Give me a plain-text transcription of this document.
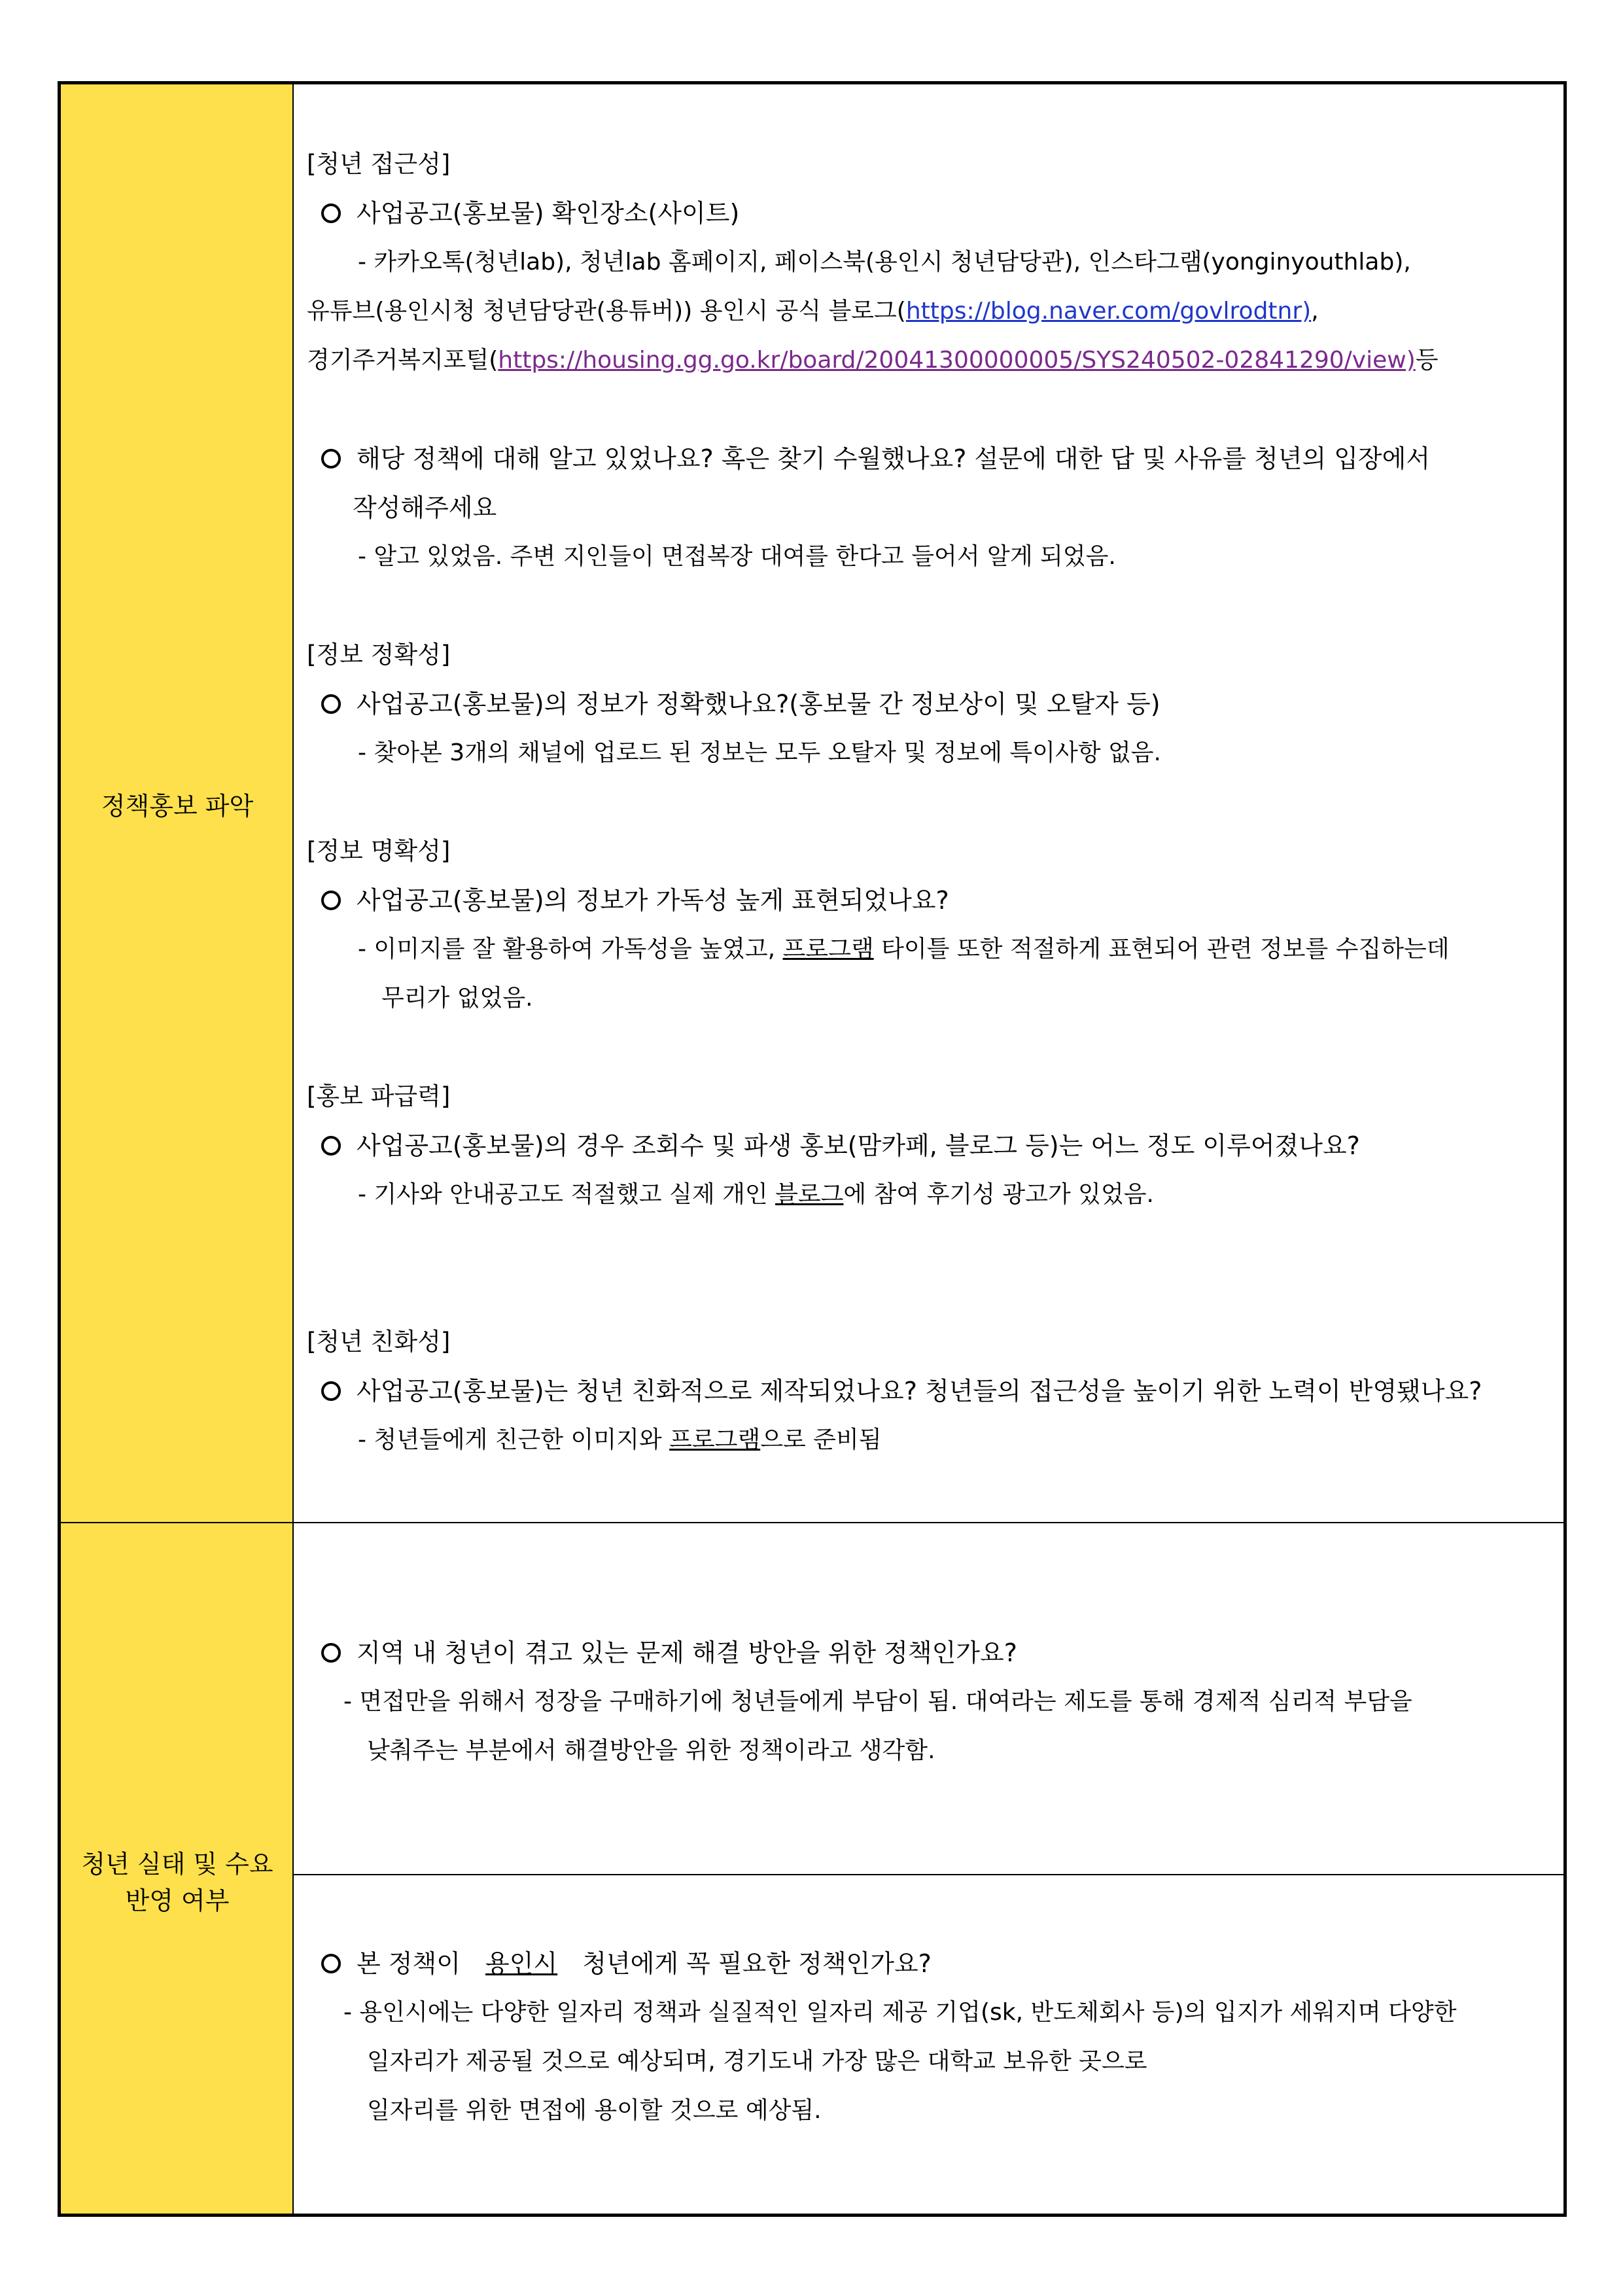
정책홍보 파악
청년 실태 및 수요
반영 여부
[청년 접근성]
사업공고(홍보물) 확인장소(사이트)
- 카카오톡(청년lab), 청년lab 홈페이지, 페이스북(용인시 청년담당관), 인스타그램(yonginyouthlab),
유튜브(용인시청 청년담당관(용튜버)) 용인시 공식 블로그(https://blog.naver.com/govlrodtnr),
경기주거복지포털(https://housing.gg.go.kr/board/20041300000005/SYS240502-02841290/view)등
해당 정책에 대해 알고 있었나요? 혹은 찾기 수월했나요? 설문에 대한 답 및 사유를 청년의 입장에서
작성해주세요
- 알고 있었음. 주변 지인들이 면접복장 대여를 한다고 들어서 알게 되었음.
[정보 정확성]
사업공고(홍보물)의 정보가 정확했나요?(홍보물 간 정보상이 및 오탈자 등)
- 찾아본 3개의 채널에 업로드 된 정보는 모두 오탈자 및 정보에 특이사항 없음.
[정보 명확성]
사업공고(홍보물)의 정보가 가독성 높게 표현되었나요?
- 이미지를 잘 활용하여 가독성을 높였고, 프로그램 타이틀 또한 적절하게 표현되어 관련 정보를 수집하는데
무리가 없었음.
[홍보 파급력]
사업공고(홍보물)의 경우 조회수 및 파생 홍보(맘카페, 블로그 등)는 어느 정도 이루어졌나요?
- 기사와 안내공고도 적절했고 실제 개인 블로그에 참여 후기성 광고가 있었음.
[청년 친화성]
사업공고(홍보물)는 청년 친화적으로 제작되었나요? 청년들의 접근성을 높이기 위한 노력이 반영됐나요?
- 청년들에게 친근한 이미지와 프로그램으로 준비됨
지역 내 청년이 겪고 있는 문제 해결 방안을 위한 정책인가요?
- 면접만을 위해서 정장을 구매하기에 청년들에게 부담이 됨. 대여라는 제도를 통해 경제적 심리적 부담을
낮춰주는 부분에서 해결방안을 위한 정책이라고 생각함.
본 정책이 용인시 청년에게 꼭 필요한 정책인가요?
- 용인시에는 다양한 일자리 정책과 실질적인 일자리 제공 기업(sk, 반도체회사 등)의 입지가 세워지며 다양한
일자리가 제공될 것으로 예상되며, 경기도내 가장 많은 대학교 보유한 곳으로
일자리를 위한 면접에 용이할 것으로 예상됨.
